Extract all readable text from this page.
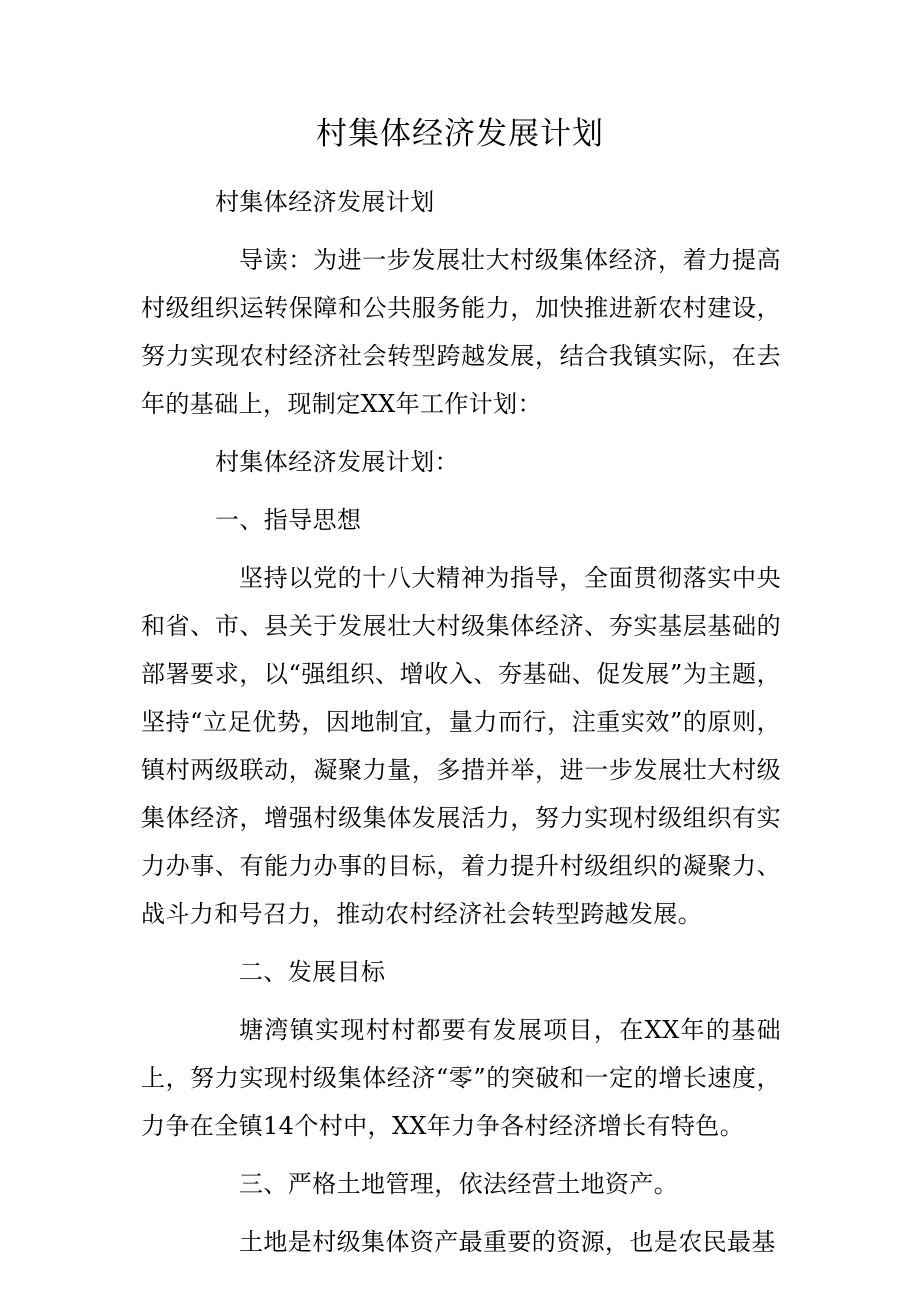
村集体经济发展计划

村集体经济发展计划

导读：为进一步发展壮大村级集体经济，着力提高村级组织运转保障和公共服务能力，加快推进新农村建设，努力实现农村经济社会转型跨越发展，结合我镇实际，在去年的基础上，现制定XX年工作计划：

村集体经济发展计划：

一、指导思想

坚持以党的十八大精神为指导，全面贯彻落实中央和省、市、县关于发展壮大村级集体经济、夯实基层基础的部署要求，以“强组织、增收入、夯基础、促发展”为主题，坚持“立足优势，因地制宜，量力而行，注重实效”的原则，镇村两级联动，凝聚力量，多措并举，进一步发展壮大村级集体经济，增强村级集体发展活力，努力实现村级组织有实力办事、有能力办事的目标，着力提升村级组织的凝聚力、战斗力和号召力，推动农村经济社会转型跨越发展。

二、发展目标

塘湾镇实现村村都要有发展项目，在XX年的基础上，努力实现村级集体经济“零”的突破和一定的增长速度，力争在全镇14个村中，XX年力争各村经济增长有特色。

三、严格土地管理，依法经营土地资产。

土地是村级集体资产最重要的资源，也是农民最基
